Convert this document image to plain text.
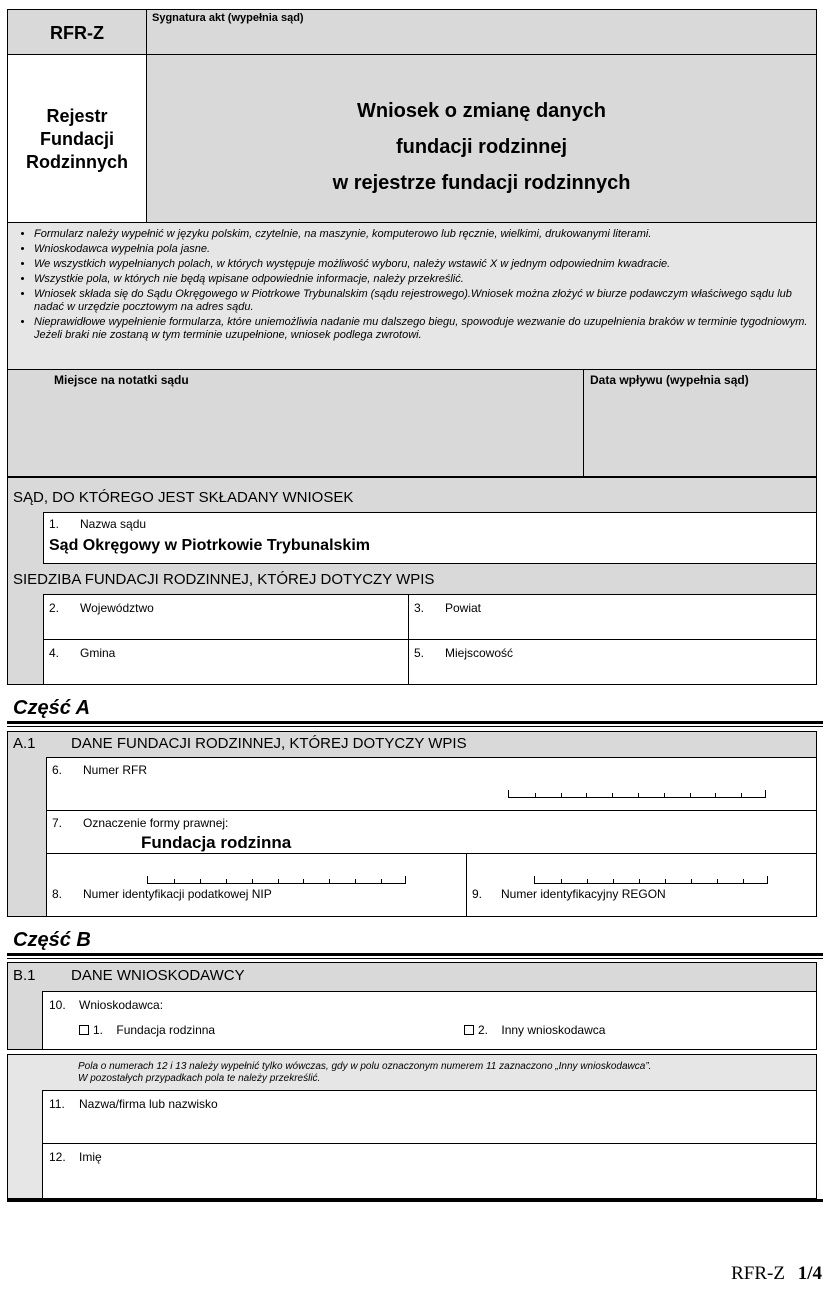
RFR-Z
Sygnatura akt (wypełnia sąd)
Rejestr
Fundacji
Rodzinnych
Wniosek o zmianę danych
fundacji rodzinnej
w rejestrze fundacji rodzinnych
• Formularz należy wypełnić w języku polskim, czytelnie, na maszynie, komputerowo lub ręcznie, wielkimi, drukowanymi literami.
• Wnioskodawca wypełnia pola jasne.
• We wszystkich wypełnianych polach, w których występuje możliwość wyboru, należy wstawić X w jednym odpowiednim kwadracie.
• Wszystkie pola, w których nie będą wpisane odpowiednie informacje, należy przekreślić.
• Wniosek składa się do Sądu Okręgowego w Piotrkowe Trybunalskim (sądu rejestrowego).Wniosek można złożyć w biurze podawczym właściwego sądu lub nadać w urzędzie pocztowym na adres sądu.
• Nieprawidłowe wypełnienie formularza, które uniemożliwia nadanie mu dalszego biegu, spowoduje wezwanie do uzupełnienia braków w terminie tygodniowym. Jeżeli braki nie zostaną w tym terminie uzupełnione, wniosek podlega zwrotowi.
Miejsce na notatki sądu	Data wpływu (wypełnia sąd)
SĄD, DO KTÓREGO JEST SKŁADANY WNIOSEK
1. Nazwa sądu
Sąd Okręgowy w Piotrkowie Trybunalskim
SIEDZIBA FUNDACJI RODZINNEJ, KTÓREJ DOTYCZY WPIS
2. Województwo	3. Powiat
4. Gmina	5. Miejscowość
Część A
A.1 DANE FUNDACJI RODZINNEJ, KTÓREJ DOTYCZY WPIS
6. Numer RFR
7. Oznaczenie formy prawnej:
Fundacja rodzinna
8. Numer identyfikacji podatkowej NIP	9. Numer identyfikacyjny REGON
Część B
B.1 DANE WNIOSKODAWCY
10. Wnioskodawca:
1. Fundacja rodzinna	2. Inny wnioskodawca
Pola o numerach 12 i 13 należy wypełnić tylko wówczas, gdy w polu oznaczonym numerem 11 zaznaczono „Inny wnioskodawca”.
W pozostałych przypadkach pola te należy przekreślić.
11. Nazwa/firma lub nazwisko
12. Imię
RFR-Z 1/4
